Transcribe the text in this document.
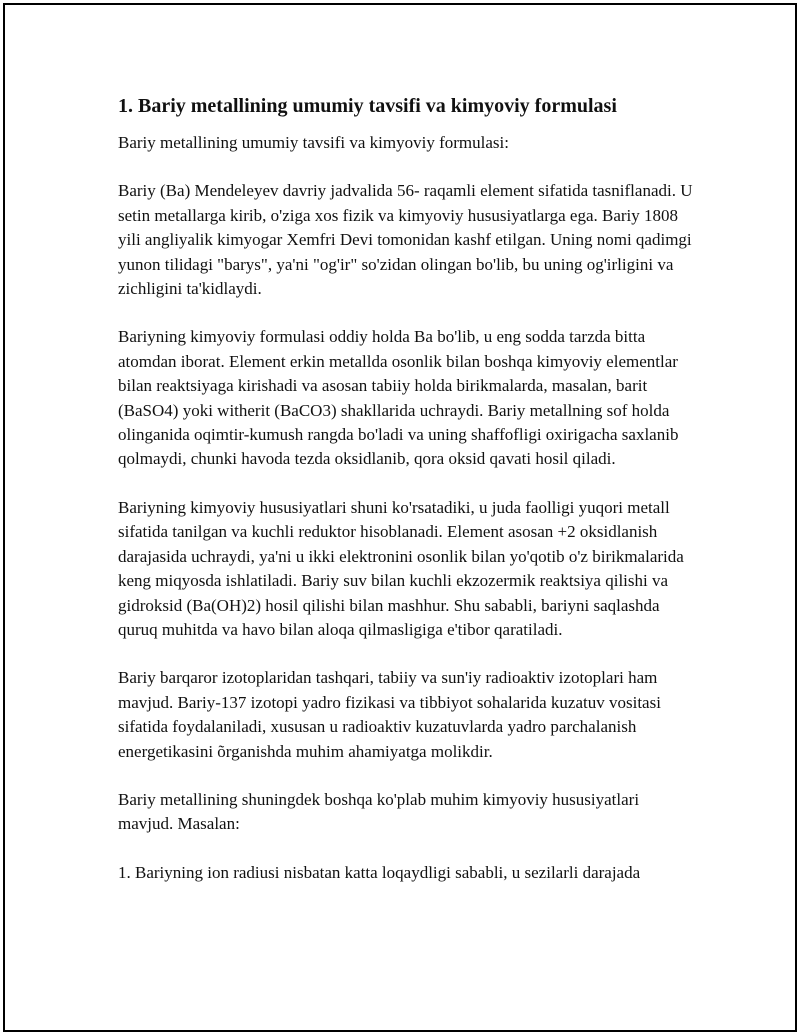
1. Bariy metallining umumiy tavsifi va kimyoviy formulasi

Bariy metallining umumiy tavsifi va kimyoviy formulasi:

Bariy (Ba) Mendeleyev davriy jadvalida 56- raqamli element sifatida tasniflanadi. U setin metallarga kirib, o'ziga xos fizik va kimyoviy hususiyatlarga ega. Bariy 1808 yili angliyalik kimyogar Xemfri Devi tomonidan kashf etilgan. Uning nomi qadimgi yunon tilidagi "barys", ya'ni "og'ir" so'zidan olingan bo'lib, bu uning og'irligini va zichligini ta'kidlaydi.

Bariyning kimyoviy formulasi oddiy holda Ba bo'lib, u eng sodda tarzda bitta atomdan iborat. Element erkin metallda osonlik bilan boshqa kimyoviy elementlar bilan reaktsiyaga kirishadi va asosan tabiiy holda birikmalarda, masalan, barit (BaSO4) yoki witherit (BaCO3) shakllarida uchraydi. Bariy metallning sof holda olinganida oqimtir-kumush rangda bo'ladi va uning shaffofligi oxirigacha saxlanib qolmaydi, chunki havoda tezda oksidlanib, qora oksid qavati hosil qiladi.

Bariyning kimyoviy hususiyatlari shuni ko'rsatadiki, u juda faolligi yuqori metall sifatida tanilgan va kuchli reduktor hisoblanadi. Element asosan +2 oksidlanish darajasida uchraydi, ya'ni u ikki elektronini osonlik bilan yo'qotib o'z birikmalarida keng miqyosda ishlatiladi. Bariy suv bilan kuchli ekzozermik reaktsiya qilishi va gidroksid (Ba(OH)2) hosil qilishi bilan mashhur. Shu sababli, bariyni saqlashda quruq muhitda va havo bilan aloqa qilmasligiga e'tibor qaratiladi.

Bariy barqaror izotoplaridan tashqari, tabiiy va sun'iy radioaktiv izotoplari ham mavjud. Bariy-137 izotopi yadro fizikasi va tibbiyot sohalarida kuzatuv vositasi sifatida foydalaniladi, xususan u radioaktiv kuzatuvlarda yadro parchalanish energetikasini õrganishda muhim ahamiyatga molikdir.

Bariy metallining shuningdek boshqa ko'plab muhim kimyoviy hususiyatlari mavjud. Masalan:

1. Bariyning ion radiusi nisbatan katta loqaydligi sababli, u sezilarli darajada
